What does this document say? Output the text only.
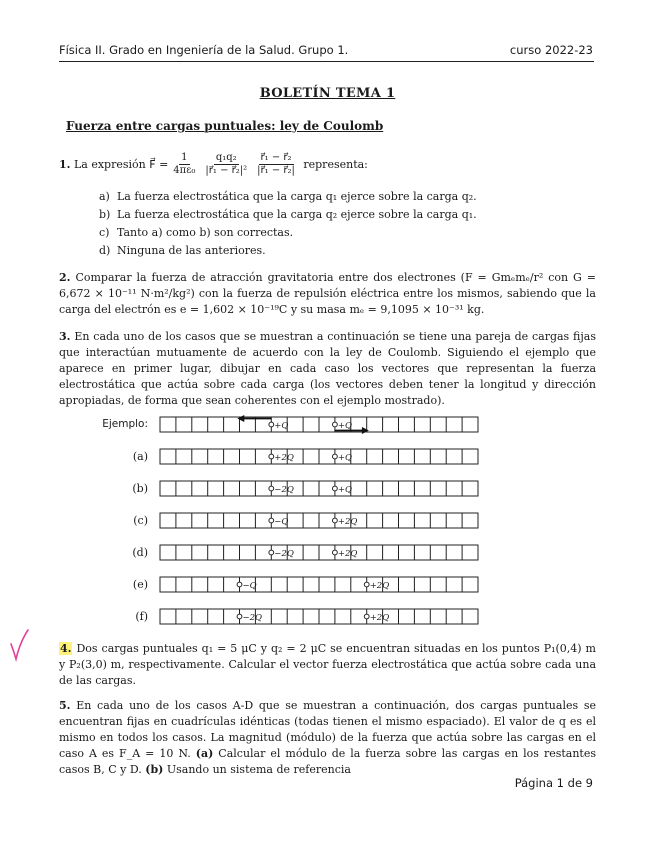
Física II. Grado en Ingeniería de la Salud. Grupo 1.	curso 2022-23
BOLETÍN TEMA 1
Fuerza entre cargas puntuales: ley de Coulomb
1.
La expresión
F⃗ = $\frac{1}{\text{4πε₀}} \frac{\text{q₁q₂}}{\text{|r⃗₁ − r⃗₂|²}} \frac{\text{r⃗₁ − r⃗₂}}{\text{|r⃗₁ − r⃗₂|}}$
representa:
a) La fuerza electrostática que la carga q₁ ejerce sobre la carga q₂.
b) La fuerza electrostática que la carga q₂ ejerce sobre la carga q₁.
c) Tanto a) como b) son correctas.
d) Ninguna de las anteriores.
2. Comparar la fuerza de atracción gravitatoria entre dos electrones (F = Gmₑmₑ/r² con G = 6,672 × 10⁻¹¹ N·m²/kg²) con la fuerza de repulsión eléctrica entre los mismos, sabiendo que la carga del electrón es e = 1,602 × 10⁻¹⁹C y su masa mₑ = 9,1095 × 10⁻³¹ kg.
3. En cada uno de los casos que se muestran a continuación se tiene una pareja de cargas fijas que interactúan mutuamente de acuerdo con la ley de Coulomb. Siguiendo el ejemplo que aparece en primer lugar, dibujar en cada caso los vectores que representan la fuerza electrostática que actúa sobre cada carga (los vectores deben tener la longitud y dirección apropiadas, de forma que sean coherentes con el ejemplo mostrado).
Ejemplo:
(a)
(b)
(c)
(d)
(e)
(f)
+Q	+Q
+2Q	+Q
−2Q	+Q
−Q	+2Q
−2Q	+2Q
−Q	+2Q
−2Q	+2Q
4. Dos cargas puntuales q₁ = 5 μC y q₂ = 2 μC se encuentran situadas en los puntos P₁(0,4) m y P₂(3,0) m, respectivamente. Calcular el vector fuerza electrostática que actúa sobre cada una de las cargas.
5. En cada uno de los casos A-D que se muestran a continuación, dos cargas puntuales se encuentran fijas en cuadrículas idénticas (todas tienen el mismo espaciado). El valor de q es el mismo en todos los casos. La magnitud (módulo) de la fuerza que actúa sobre las cargas en el caso A es F_A = 10 N. (a) Calcular el módulo de la fuerza sobre las cargas en los restantes casos B, C y D. (b) Usando un sistema de referencia
Página 1 de 9
